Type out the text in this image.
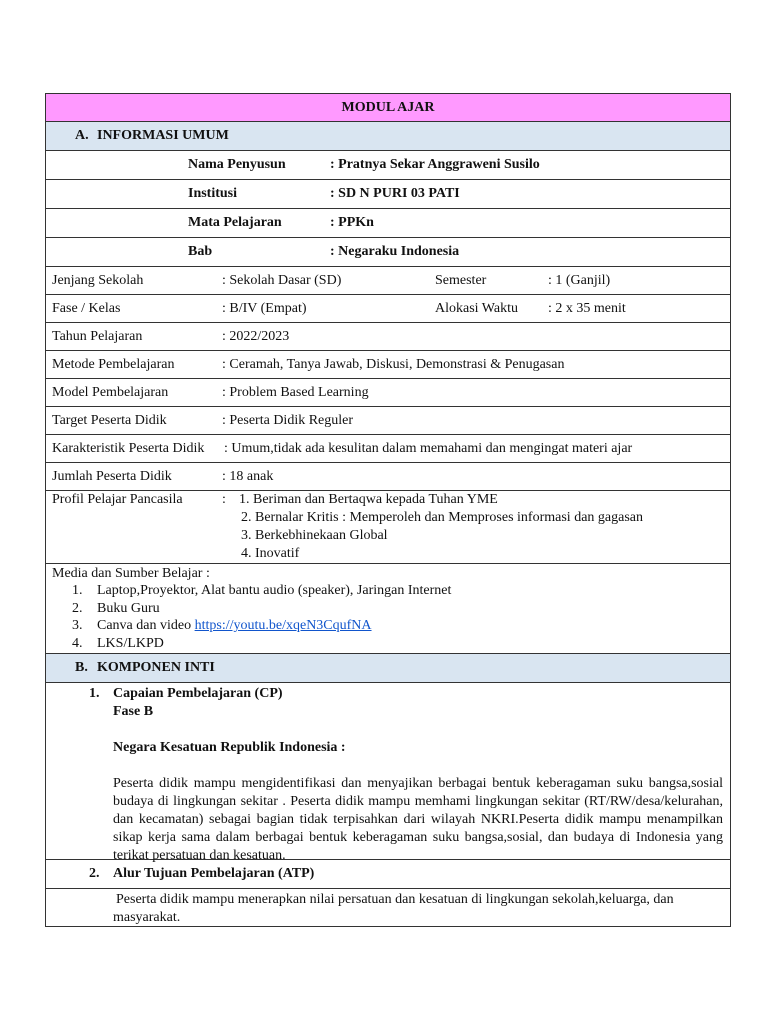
MODUL AJAR
A. INFORMASI UMUM
Nama Penyusun	: Pratnya Sekar Anggraweni Susilo
Institusi	: SD N PURI 03 PATI
Mata Pelajaran	: PPKn
Bab	: Negaraku Indonesia
Jenjang Sekolah	: Sekolah Dasar (SD)	Semester	: 1 (Ganjil)
Fase / Kelas	: B/IV (Empat)	Alokasi Waktu : 2 x 35 menit
Tahun Pelajaran	: 2022/2023
Metode Pembelajaran	: Ceramah, Tanya Jawab, Diskusi, Demonstrasi & Penugasan
Model Pembelajaran	: Problem Based Learning
Target Peserta Didik	: Peserta Didik Reguler
Karakteristik Peserta Didik : Umum,tidak ada kesulitan dalam memahami dan mengingat materi ajar
Jumlah Peserta Didik	: 18 anak
Profil Pelajar Pancasila	: 1. Beriman dan Bertaqwa kepada Tuhan YME
2. Bernalar Kritis : Memperoleh dan Memproses informasi dan gagasan
3. Berkebhinekaan Global
4. Inovatif
Media dan Sumber Belajar :
1. Laptop,Proyektor, Alat bantu audio (speaker), Jaringan Internet
2. Buku Guru
3. Canva dan video https://youtu.be/xqeN3CqufNA
4. LKS/LKPD
B. KOMPONEN INTI
1. Capaian Pembelajaran (CP)
Fase B
Negara Kesatuan Republik Indonesia :

Peserta didik mampu mengidentifikasi dan menyajikan berbagai bentuk keberagaman suku bangsa,sosial budaya di lingkungan sekitar . Peserta didik mampu memhami lingkungan sekitar (RT/RW/desa/kelurahan, dan kecamatan) sebagai bagian tidak terpisahkan dari wilayah NKRI.Peserta didik mampu menampilkan sikap kerja sama dalam berbagai bentuk keberagaman suku bangsa,sosial, dan budaya di Indonesia yang terikat persatuan dan kesatuan.

2. Alur Tujuan Pembelajaran (ATP)

Peserta didik mampu menerapkan nilai persatuan dan kesatuan di lingkungan sekolah,keluarga, dan masyarakat.
